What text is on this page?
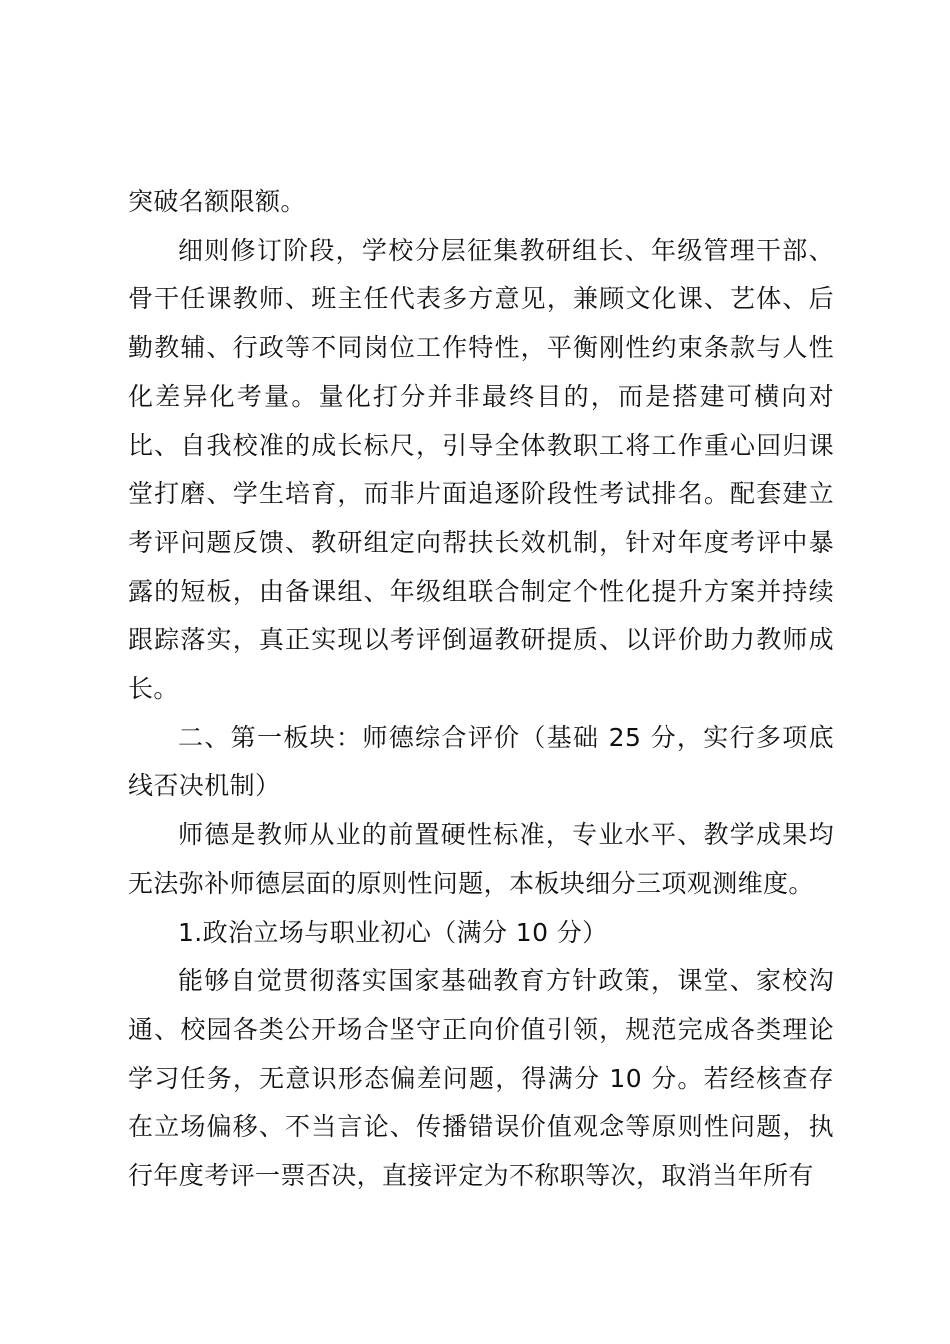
突破名额限额。

细则修订阶段，学校分层征集教研组长、年级管理干部、骨干任课教师、班主任代表多方意见，兼顾文化课、艺体、后勤教辅、行政等不同岗位工作特性，平衡刚性约束条款与人性化差异化考量。量化打分并非最终目的，而是搭建可横向对比、自我校准的成长标尺，引导全体教职工将工作重心回归课堂打磨、学生培育，而非片面追逐阶段性考试排名。配套建立考评问题反馈、教研组定向帮扶长效机制，针对年度考评中暴露的短板，由备课组、年级组联合制定个性化提升方案并持续跟踪落实，真正实现以考评倒逼教研提质、以评价助力教师成长。

二、第一板块：师德综合评价（基础 25 分，实行多项底线否决机制）

师德是教师从业的前置硬性标准，专业水平、教学成果均无法弥补师德层面的原则性问题，本板块细分三项观测维度。

1.政治立场与职业初心（满分 10 分）

能够自觉贯彻落实国家基础教育方针政策，课堂、家校沟通、校园各类公开场合坚守正向价值引领，规范完成各类理论学习任务，无意识形态偏差问题，得满分 10 分。若经核查存在立场偏移、不当言论、传播错误价值观念等原则性问题，执行年度考评一票否决，直接评定为不称职等次，取消当年所有
